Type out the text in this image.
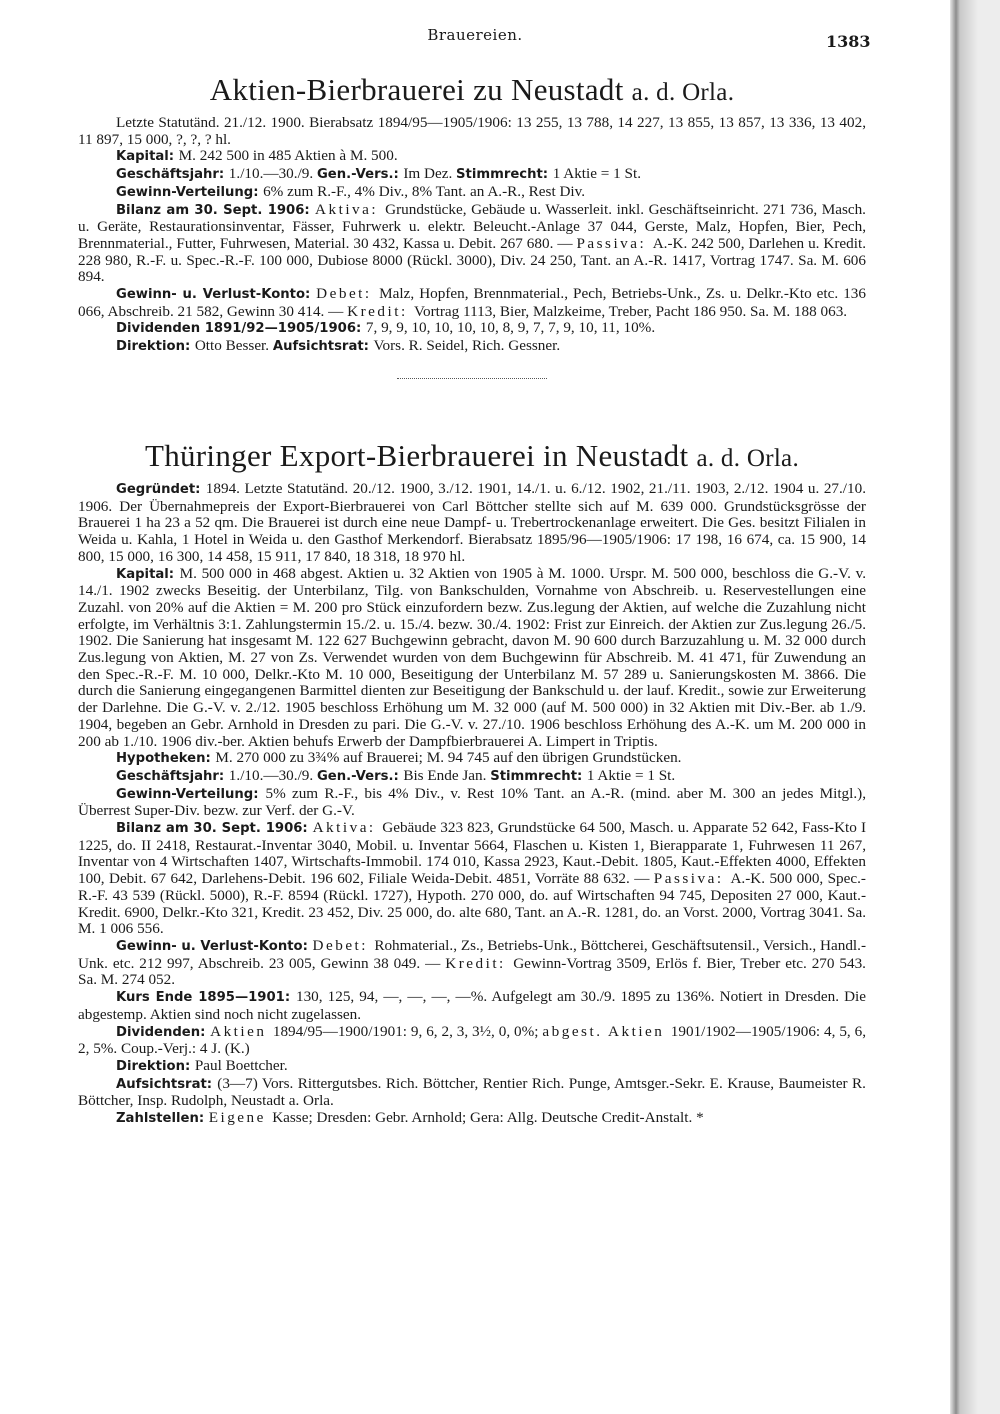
Brauereien.	1383
Aktien-Bierbrauerei zu Neustadt a. d. Orla.

Letzte Statutänd. 21./12. 1900. Bierabsatz 1894/95—1905/1906: 13 255, 13 788, 14 227, 13 855, 13 857, 13 336, 13 402, 11 897, 15 000, ?, ?, ? hl.

Kapital: M. 242 500 in 485 Aktien à M. 500.

Geschäftsjahr: 1./10.—30./9. Gen.-Vers.: Im Dez. Stimmrecht: 1 Aktie = 1 St.

Gewinn-Verteilung: 6% zum R.-F., 4% Div., 8% Tant. an A.-R., Rest Div.

Bilanz am 30. Sept. 1906: Aktiva: Grundstücke, Gebäude u. Wasserleit. inkl. Geschäftseinricht. 271 736, Masch. u. Geräte, Restaurationsinventar, Fässer, Fuhrwerk u. elektr. Beleucht.-Anlage 37 044, Gerste, Malz, Hopfen, Bier, Pech, Brennmaterial., Futter, Fuhrwesen, Material. 30 432, Kassa u. Debit. 267 680. — Passiva: A.-K. 242 500, Darlehen u. Kredit. 228 980, R.-F. u. Spec.-R.-F. 100 000, Dubiose 8000 (Rückl. 3000), Div. 24 250, Tant. an A.-R. 1417, Vortrag 1747. Sa. M. 606 894.

Gewinn- u. Verlust-Konto: Debet: Malz, Hopfen, Brennmaterial., Pech, Betriebs-Unk., Zs. u. Delkr.-Kto etc. 136 066, Abschreib. 21 582, Gewinn 30 414. — Kredit: Vortrag 1113, Bier, Malzkeime, Treber, Pacht 186 950. Sa. M. 188 063.

Dividenden 1891/92—1905/1906: 7, 9, 9, 10, 10, 10, 10, 8, 9, 7, 7, 9, 10, 11, 10%.

Direktion: Otto Besser. Aufsichtsrat: Vors. R. Seidel, Rich. Gessner.

Thüringer Export-Bierbrauerei in Neustadt a. d. Orla.

Gegründet: 1894. Letzte Statutänd. 20./12. 1900, 3./12. 1901, 14./1. u. 6./12. 1902, 21./11. 1903, 2./12. 1904 u. 27./10. 1906. Der Übernahmepreis der Export-Bierbrauerei von Carl Böttcher stellte sich auf M. 639 000. Grundstücksgrösse der Brauerei 1 ha 23 a 52 qm. Die Brauerei ist durch eine neue Dampf- u. Trebertrockenanlage erweitert. Die Ges. besitzt Filialen in Weida u. Kahla, 1 Hotel in Weida u. den Gasthof Merkendorf. Bierabsatz 1895/96—1905/1906: 17 198, 16 674, ca. 15 900, 14 800, 15 000, 16 300, 14 458, 15 911, 17 840, 18 318, 18 970 hl.

Kapital: M. 500 000 in 468 abgest. Aktien u. 32 Aktien von 1905 à M. 1000. Urspr. M. 500 000, beschloss die G.-V. v. 14./1. 1902 zwecks Beseitig. der Unterbilanz, Tilg. von Bankschulden, Vornahme von Abschreib. u. Reservestellungen eine Zuzahl. von 20% auf die Aktien = M. 200 pro Stück einzufordern bezw. Zus.legung der Aktien, auf welche die Zuzahlung nicht erfolgte, im Verhältnis 3:1. Zahlungstermin 15./2. u. 15./4. bezw. 30./4. 1902: Frist zur Einreich. der Aktien zur Zus.legung 26./5. 1902. Die Sanierung hat insgesamt M. 122 627 Buchgewinn gebracht, davon M. 90 600 durch Barzuzahlung u. M. 32 000 durch Zus.legung von Aktien, M. 27 von Zs. Verwendet wurden von dem Buchgewinn für Abschreib. M. 41 471, für Zuwendung an den Spec.-R.-F. M. 10 000, Delkr.-Kto M. 10 000, Beseitigung der Unterbilanz M. 57 289 u. Sanierungskosten M. 3866. Die durch die Sanierung eingegangenen Barmittel dienten zur Beseitigung der Bankschuld u. der lauf. Kredit., sowie zur Erweiterung der Darlehne. Die G.-V. v. 2./12. 1905 beschloss Erhöhung um M. 32 000 (auf M. 500 000) in 32 Aktien mit Div.-Ber. ab 1./9. 1904, begeben an Gebr. Arnhold in Dresden zu pari. Die G.-V. v. 27./10. 1906 beschloss Erhöhung des A.-K. um M. 200 000 in 200 ab 1./10. 1906 div.-ber. Aktien behufs Erwerb der Dampfbierbrauerei A. Limpert in Triptis.

Hypotheken: M. 270 000 zu 3¾% auf Brauerei; M. 94 745 auf den übrigen Grundstücken.

Geschäftsjahr: 1./10.—30./9. Gen.-Vers.: Bis Ende Jan. Stimmrecht: 1 Aktie = 1 St.

Gewinn-Verteilung: 5% zum R.-F., bis 4% Div., v. Rest 10% Tant. an A.-R. (mind. aber M. 300 an jedes Mitgl.), Überrest Super-Div. bezw. zur Verf. der G.-V.

Bilanz am 30. Sept. 1906: Aktiva: Gebäude 323 823, Grundstücke 64 500, Masch. u. Apparate 52 642, Fass-Kto I 1225, do. II 2418, Restaurat.-Inventar 3040, Mobil. u. Inventar 5664, Flaschen u. Kisten 1, Bierapparate 1, Fuhrwesen 11 267, Inventar von 4 Wirtschaften 1407, Wirtschafts-Immobil. 174 010, Kassa 2923, Kaut.-Debit. 1805, Kaut.-Effekten 4000, Effekten 100, Debit. 67 642, Darlehens-Debit. 196 602, Filiale Weida-Debit. 4851, Vorräte 88 632. — Passiva: A.-K. 500 000, Spec.-R.-F. 43 539 (Rückl. 5000), R.-F. 8594 (Rückl. 1727), Hypoth. 270 000, do. auf Wirtschaften 94 745, Depositen 27 000, Kaut.-Kredit. 6900, Delkr.-Kto 321, Kredit. 23 452, Div. 25 000, do. alte 680, Tant. an A.-R. 1281, do. an Vorst. 2000, Vortrag 3041. Sa. M. 1 006 556.

Gewinn- u. Verlust-Konto: Debet: Rohmaterial., Zs., Betriebs-Unk., Böttcherei, Geschäftsutensil., Versich., Handl.-Unk. etc. 212 997, Abschreib. 23 005, Gewinn 38 049. — Kredit: Gewinn-Vortrag 3509, Erlös f. Bier, Treber etc. 270 543. Sa. M. 274 052.

Kurs Ende 1895—1901: 130, 125, 94, —, —, —, —%. Aufgelegt am 30./9. 1895 zu 136%. Notiert in Dresden. Die abgestemp. Aktien sind noch nicht zugelassen.

Dividenden: Aktien 1894/95—1900/1901: 9, 6, 2, 3, 3½, 0, 0%; abgest. Aktien 1901/1902—1905/1906: 4, 5, 6, 2, 5%. Coup.-Verj.: 4 J. (K.)

Direktion: Paul Boettcher.

Aufsichtsrat: (3—7) Vors. Rittergutsbes. Rich. Böttcher, Rentier Rich. Punge, Amtsger.-Sekr. E. Krause, Baumeister R. Böttcher, Insp. Rudolph, Neustadt a. Orla.

Zahlstellen: Eigene Kasse; Dresden: Gebr. Arnhold; Gera: Allg. Deutsche Credit-Anstalt. *
